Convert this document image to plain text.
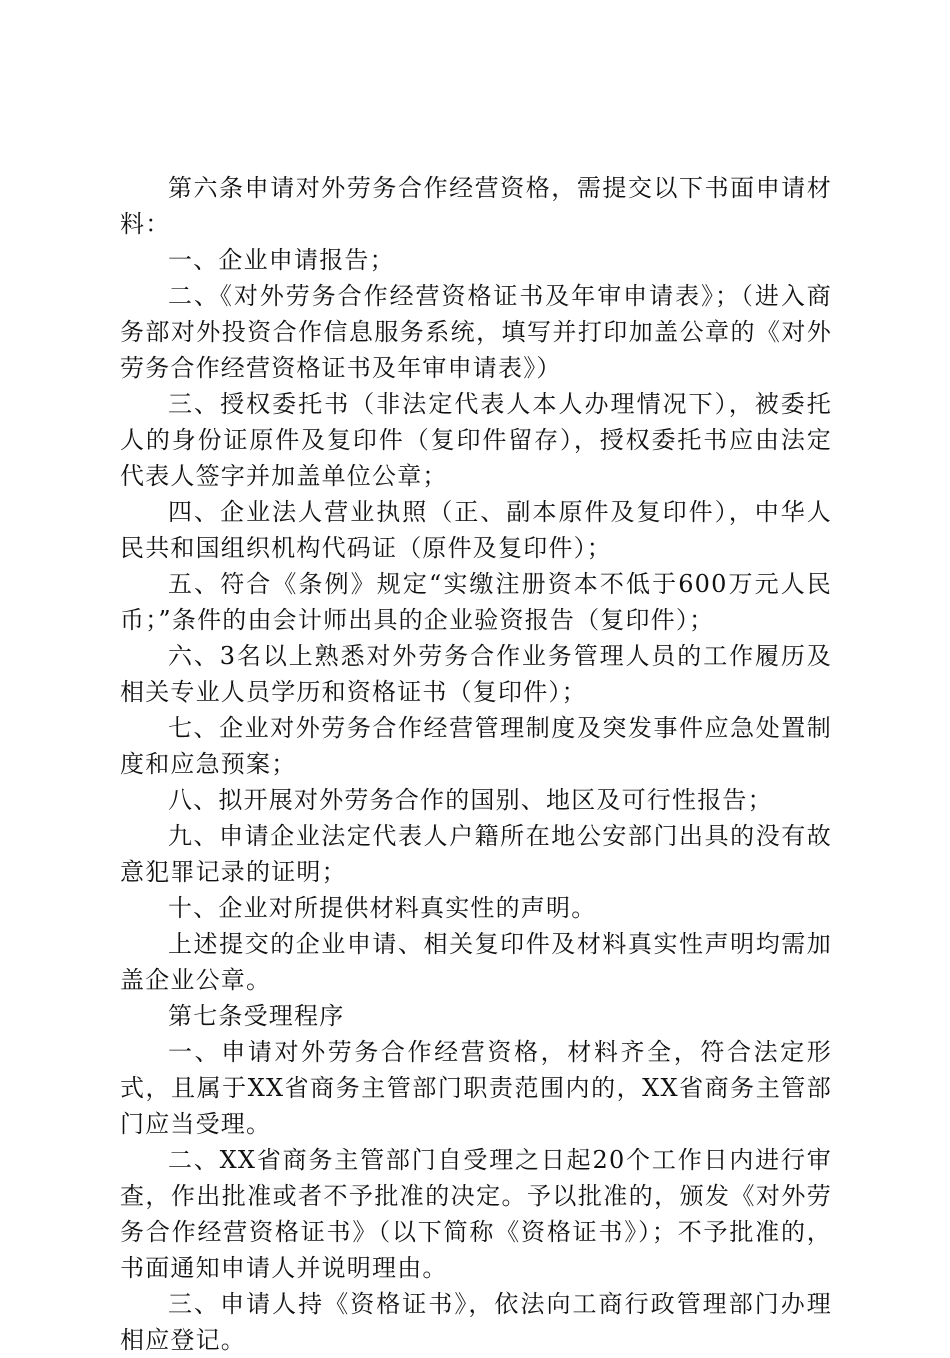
第六条申请对外劳务合作经营资格，需提交以下书面申请材料：

一、企业申请报告；

二、《对外劳务合作经营资格证书及年审申请表》；（进入商务部对外投资合作信息服务系统，填写并打印加盖公章的《对外劳务合作经营资格证书及年审申请表》）

三、授权委托书（非法定代表人本人办理情况下），被委托人的身份证原件及复印件（复印件留存），授权委托书应由法定代表人签字并加盖单位公章；

四、企业法人营业执照（正、副本原件及复印件），中华人民共和国组织机构代码证（原件及复印件）；

五、符合《条例》规定“实缴注册资本不低于600万元人民币；”条件的由会计师出具的企业验资报告（复印件）；

六、3名以上熟悉对外劳务合作业务管理人员的工作履历及相关专业人员学历和资格证书（复印件）；

七、企业对外劳务合作经营管理制度及突发事件应急处置制度和应急预案；

八、拟开展对外劳务合作的国别、地区及可行性报告；

九、申请企业法定代表人户籍所在地公安部门出具的没有故意犯罪记录的证明；

十、企业对所提供材料真实性的声明。

上述提交的企业申请、相关复印件及材料真实性声明均需加盖企业公章。

第七条受理程序

一、申请对外劳务合作经营资格，材料齐全，符合法定形式，且属于XX省商务主管部门职责范围内的，XX省商务主管部门应当受理。

二、XX省商务主管部门自受理之日起20个工作日内进行审查，作出批准或者不予批准的决定。予以批准的，颁发《对外劳务合作经营资格证书》（以下简称《资格证书》）；不予批准的，书面通知申请人并说明理由。

三、申请人持《资格证书》，依法向工商行政管理部门办理相应登记。
